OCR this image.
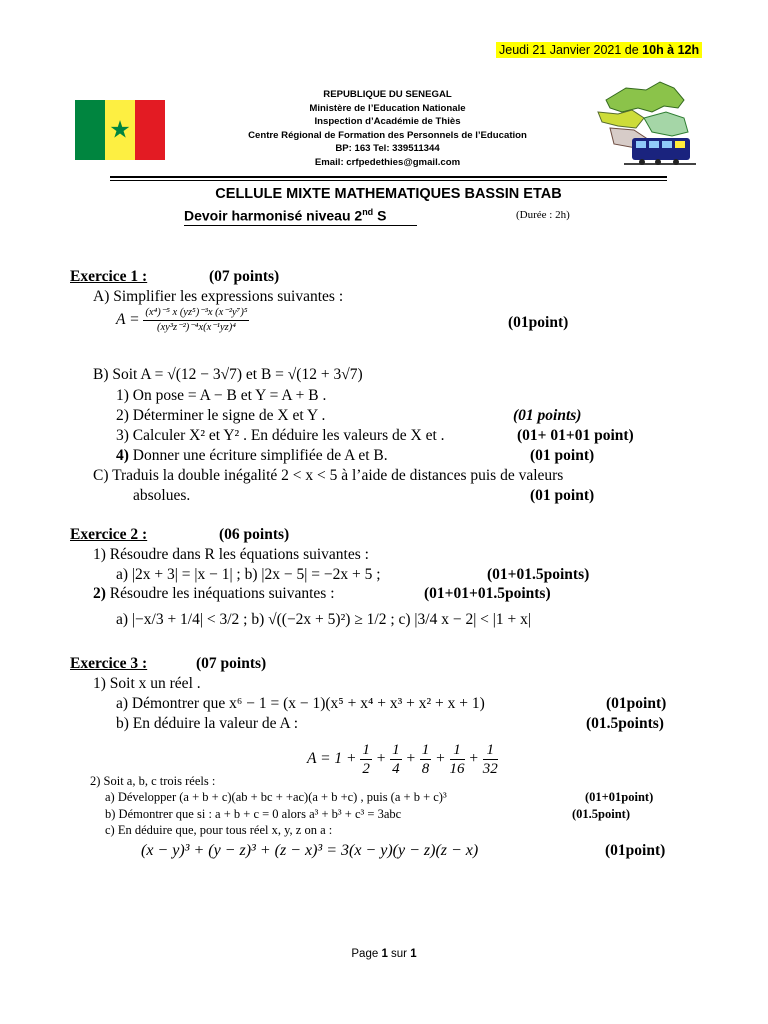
Jeudi 21 Janvier 2021 de 10h à 12h
★
REPUBLIQUE DU SENEGAL
Ministère de l’Education Nationale
Inspection d’Académie de Thiès
Centre Régional de Formation des Personnels de l’Education
BP: 163 Tel: 339511344
Email: crfpedethies@gmail.com
CELLULE MIXTE MATHEMATIQUES BASSIN ETAB
Devoir harmonisé niveau 2nd S	(Durée : 2h)
Exercice 1 :	(07 points)
A) Simplifier les expressions suivantes :
$A = \frac{\text{(x⁴)⁻⁵ x (yz⁵)⁻³x (x⁻²y⁷)⁵}}{\text{(xy³z⁻²)⁻⁴x(x⁻¹yz)⁴}}$	(01point)
B) Soit A = √(12 − 3√7) et B = √(12 + 3√7)
1) On pose = A − B et Y = A + B .
2) Déterminer le signe de X et Y .	(01 points)
3) Calculer X² et Y² . En déduire les valeurs de X et .	(01+ 01+01 point)
4) Donner une écriture simplifiée de A et B.	(01 point)
C) Traduis la double inégalité 2 < x < 5 à l’aide de distances puis de valeurs
absolues.	(01 point)
Exercice 2 :	(06 points)
1) Résoudre dans R les équations suivantes :
a) |2x + 3| = |x − 1| ; b) |2x − 5| = −2x + 5 ;	(01+01.5points)
2) Résoudre les inéquations suivantes :	(01+01+01.5points)
a) |−x/3 + 1/4| < 3/2 ; b) √((−2x + 5)²) ≥ 1/2 ; c) |3/4 x − 2| < |1 + x|
Exercice 3 :	(07 points)
1) Soit x un réel .
a) Démontrer que x⁶ − 1 = (x − 1)(x⁵ + x⁴ + x³ + x² + x + 1)	(01point)
b) En déduire la valeur de A :	(01.5points)
$A = 1 + \frac{1}{2} + \frac{1}{4} + \frac{1}{8} + \frac{1}{16} + \frac{1}{32}$
2) Soit a, b, c trois réels :
a) Développer (a + b + c)(ab + bc + +ac)(a + b +c) , puis (a + b + c)³	(01+01point)
b) Démontrer que si : a + b + c = 0 alors a³ + b³ + c³ = 3abc	(01.5point)
c) En déduire que, pour tous réel x, y, z on a :
(x − y)³ + (y − z)³ + (z − x)³ = 3(x − y)(y − z)(z − x)	(01point)
Page 1 sur 1
